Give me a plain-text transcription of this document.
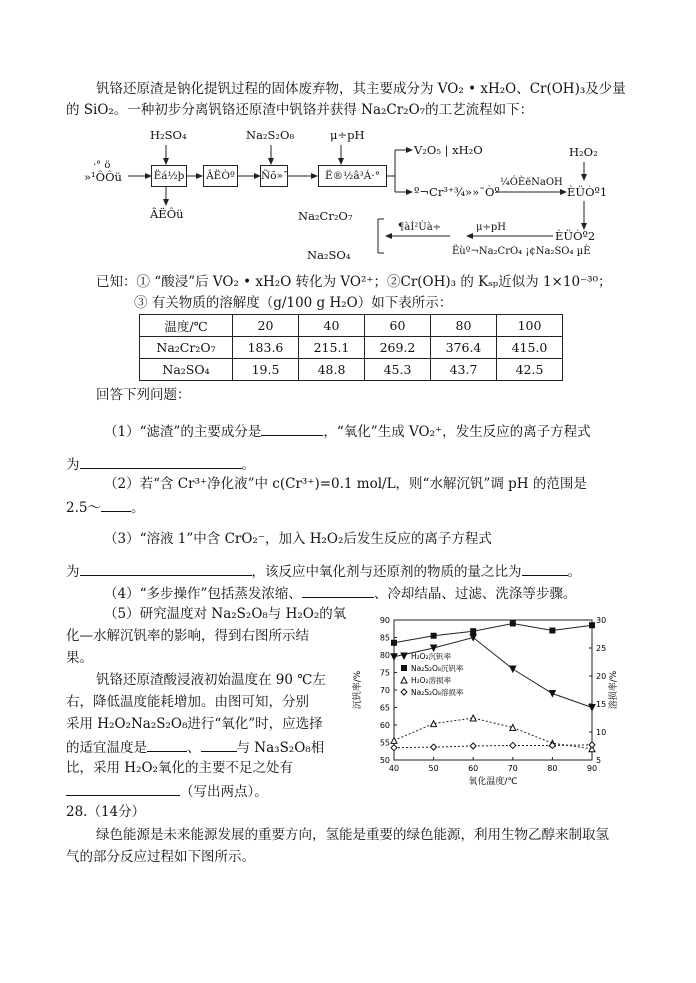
钒铬还原渣是钠化提钒过程的固体废弃物，其主要成分为 VO₂ • xH₂O、Cr(OH)₃及少量
的 SiO₂。一种初步分离钒铬还原渣中钒铬并获得 Na₂Cr₂O₇的工艺流程如下：
H₂SO₄	Na₂S₂O₈	μ÷pH
H₂O₂
·° ö
»¹ÔÔü	Ëá½þ ÂËÒº Ñõ»¯	Ë®½â³Á·°
ÂËÔü
V₂O₅ | xH₂O
º¬Cr³⁺¾»»¯Òº
¼ÓÈëNaOH
ÈÜÒº1
Na₂Cr₂O₇
Na₂SO₄
¶àÍ²Ùà÷	μ÷pH
ÈÜÒº2
Ëùº¬Na₂CrO₄ ¡¢Na₂SO₄ µÈ
已知：① “酸浸”后 VO₂ • xH₂O 转化为 VO²⁺；②Cr(OH)₃ 的 Kₛₚ近似为 1×10⁻³⁰；
③ 有关物质的溶解度（g/100 g H₂O）如下表所示：
温度/℃	20	40	60	80	100
Na₂Cr₂O₇	183.6	215.1	269.2	376.4	415.0
Na₂SO₄	19.5	48.8	45.3	43.7	42.5
回答下列问题：
（1）“滤渣”的主要成分是	，“氧化”生成 VO₂⁺，发生反应的离子方程式
为	。
（2）若“含 Cr³⁺净化液”中 c(Cr³⁺)=0.1 mol/L，则“水解沉钒”调 pH 的范围是
2.5～ 。
（3）“溶液 1”中含 CrO₂⁻，加入 H₂O₂后发生反应的离子方程式
为	，该反应中氧化剂与还原剂的物质的量之比为	。
（4）“多步操作”包括蒸发浓缩、	、冷却结晶、过滤、洗涤等步骤。
（5）研究温度对 Na₂S₂O₈与 H₂O₂的氧
化—水解沉钒率的影响，得到右图所示结
果。
钒铬还原渣酸浸液初始温度在 90 ℃左
右，降低温度能耗增加。由图可知，分别
采用 H₂O₂Na₂S₂O₈进行“氧化”时，应选择
的适宜温度是	、	与 Na₃S₂O₈相
比，采用 H₂O₂氧化的主要不足之处有
（写出两点）。
50
55
60
65
70
75
80
85
90
5
10
15
20
25
30
40	50	60	70	80	90
氧化温度/℃
沉钒率/%	溶损率/%
H₂O₂沉钒率
Na₂S₂O₈沉钒率
H₂O₂溶损率
Na₂S₂O₈溶损率
28.（14分）
绿色能源是未来能源发展的重要方向，氢能是重要的绿色能源，利用生物乙醇来制取氢
气的部分反应过程如下图所示。
